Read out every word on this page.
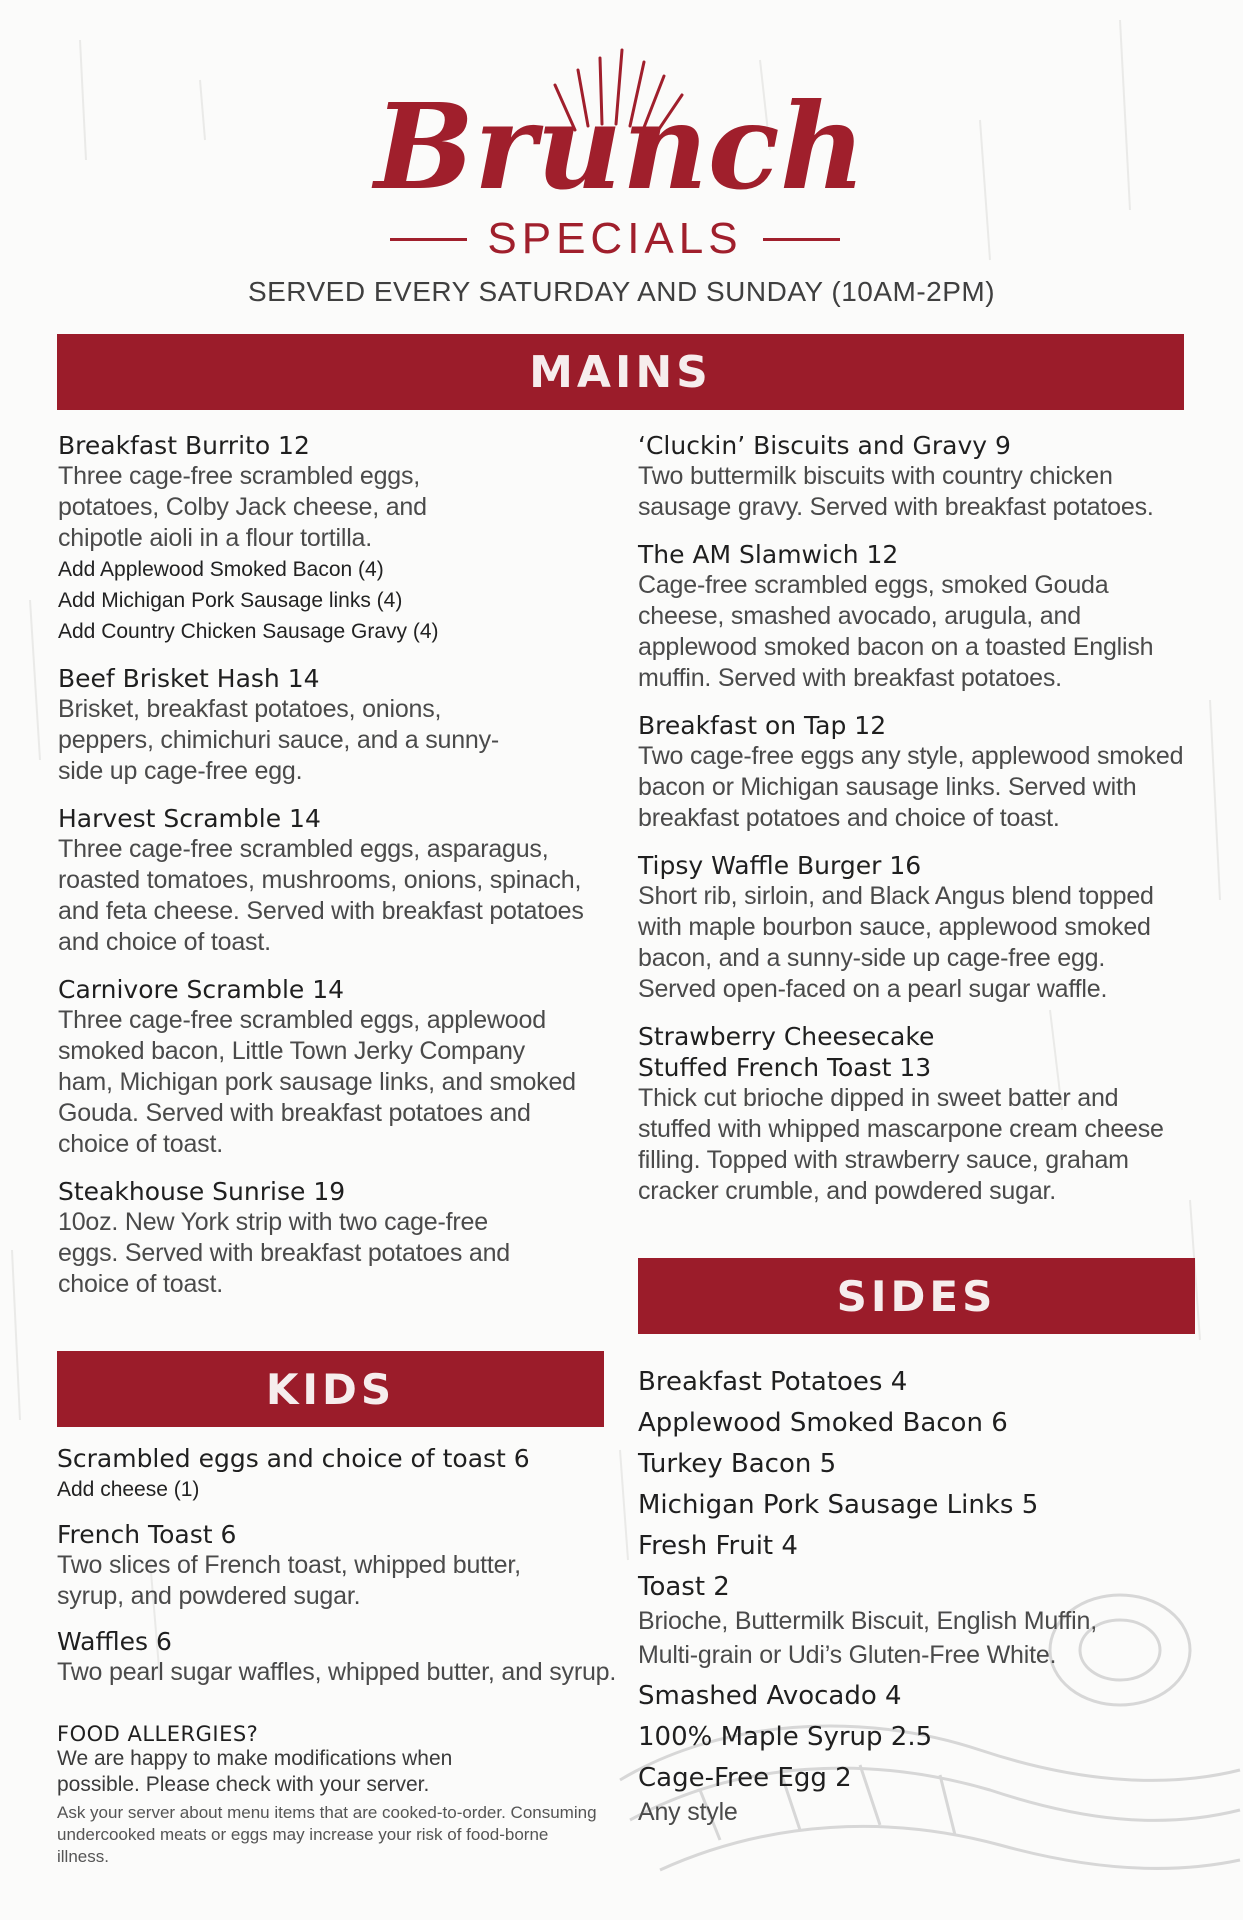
Brunch
SPECIALS
SERVED EVERY SATURDAY AND SUNDAY (10AM-2PM)
MAINS
Breakfast Burrito 12
Three cage-free scrambled eggs, potatoes, Colby Jack cheese, and chipotle aioli in a flour tortilla.
Add Applewood Smoked Bacon (4)
Add Michigan Pork Sausage links (4)
Add Country Chicken Sausage Gravy (4)
Beef Brisket Hash 14
Brisket, breakfast potatoes, onions, peppers, chimichuri sauce, and a sunny-side up cage-free egg.
Harvest Scramble 14
Three cage-free scrambled eggs, asparagus, roasted tomatoes, mushrooms, onions, spinach, and feta cheese. Served with breakfast potatoes and choice of toast.
Carnivore Scramble 14
Three cage-free scrambled eggs, applewood smoked bacon, Little Town Jerky Company ham, Michigan pork sausage links, and smoked Gouda. Served with breakfast potatoes and choice of toast.
Steakhouse Sunrise 19
10oz. New York strip with two cage-free eggs. Served with breakfast potatoes and choice of toast.
‘Cluckin’ Biscuits and Gravy 9
Two buttermilk biscuits with country chicken sausage gravy. Served with breakfast potatoes.
The AM Slamwich 12
Cage-free scrambled eggs, smoked Gouda cheese, smashed avocado, arugula, and applewood smoked bacon on a toasted English muffin. Served with breakfast potatoes.
Breakfast on Tap 12
Two cage-free eggs any style, applewood smoked bacon or Michigan sausage links. Served with breakfast potatoes and choice of toast.
Tipsy Waffle Burger 16
Short rib, sirloin, and Black Angus blend topped with maple bourbon sauce, applewood smoked bacon, and a sunny-side up cage-free egg. Served open-faced on a pearl sugar waffle.
Strawberry Cheesecake
Stuffed French Toast 13
Thick cut brioche dipped in sweet batter and stuffed with whipped mascarpone cream cheese filling. Topped with strawberry sauce, graham cracker crumble, and powdered sugar.
SIDES
KIDS
Scrambled eggs and choice of toast 6
Add cheese (1)
French Toast 6
Two slices of French toast, whipped butter, syrup, and powdered sugar.
Waffles 6
Two pearl sugar waffles, whipped butter, and syrup.
FOOD ALLERGIES?
We are happy to make modifications when possible. Please check with your server.
Ask your server about menu items that are cooked-to-order. Consuming undercooked meats or eggs may increase your risk of food-borne illness.
Breakfast Potatoes 4
Applewood Smoked Bacon 6
Turkey Bacon 5
Michigan Pork Sausage Links 5
Fresh Fruit 4
Toast 2
Brioche, Buttermilk Biscuit, English Muffin, Multi-grain or Udi’s Gluten-Free White.
Smashed Avocado 4
100% Maple Syrup 2.5
Cage-Free Egg 2
Any style
